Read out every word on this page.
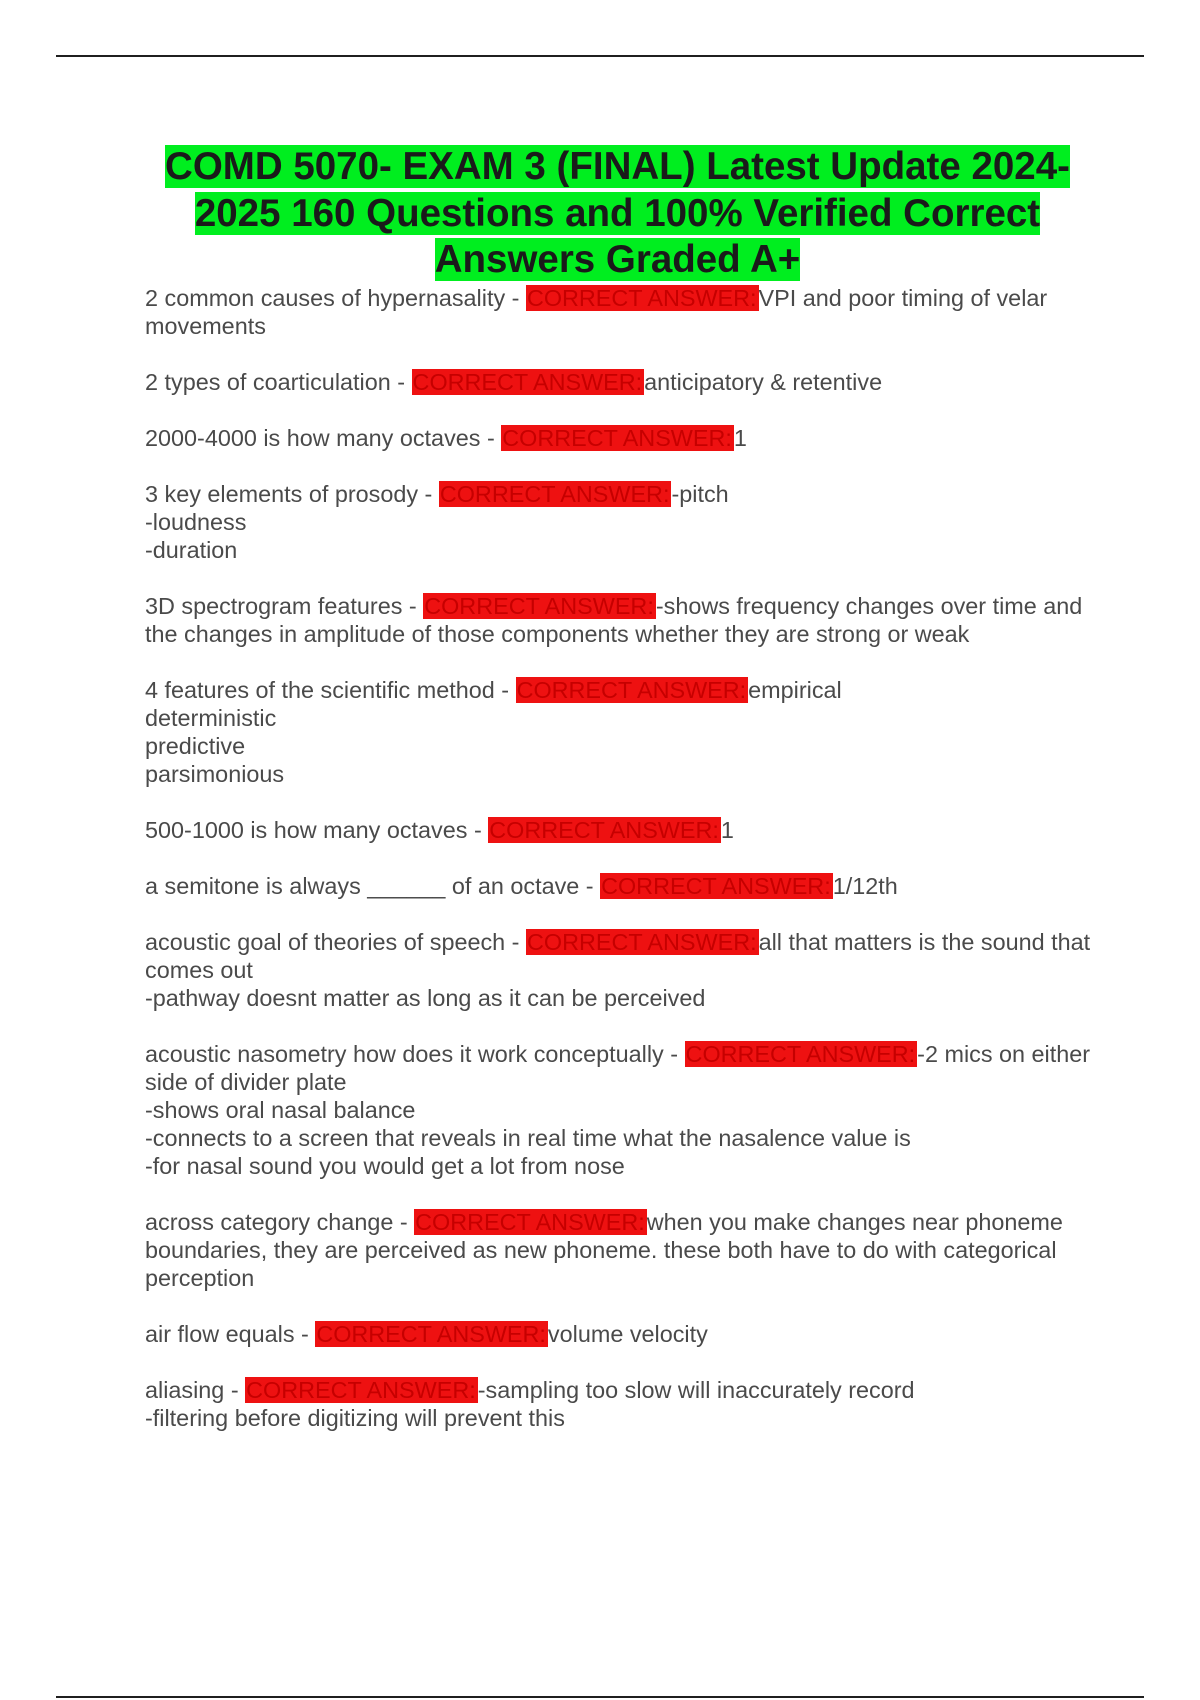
COMD 5070- EXAM 3 (FINAL) Latest Update 2024-2025 160 Questions and 100% Verified Correct Answers Graded A+
2 common causes of hypernasality - CORRECT ANSWER:VPI and poor timing of velar movements
2 types of coarticulation - CORRECT ANSWER:anticipatory & retentive
2000-4000 is how many octaves - CORRECT ANSWER:1
3 key elements of prosody - CORRECT ANSWER:-pitch
-loudness
-duration
3D spectrogram features - CORRECT ANSWER:-shows frequency changes over time and the changes in amplitude of those components whether they are strong or weak
4 features of the scientific method - CORRECT ANSWER:empirical
deterministic
predictive
parsimonious
500-1000 is how many octaves - CORRECT ANSWER:1
a semitone is always ______ of an octave - CORRECT ANSWER:1/12th
acoustic goal of theories of speech - CORRECT ANSWER:all that matters is the sound that comes out
-pathway doesnt matter as long as it can be perceived
acoustic nasometry how does it work conceptually - CORRECT ANSWER:-2 mics on either side of divider plate
-shows oral nasal balance
-connects to a screen that reveals in real time what the nasalence value is
-for nasal sound you would get a lot from nose
across category change - CORRECT ANSWER:when you make changes near phoneme boundaries, they are perceived as new phoneme. these both have to do with categorical perception
air flow equals - CORRECT ANSWER:volume velocity
aliasing - CORRECT ANSWER:-sampling too slow will inaccurately record
-filtering before digitizing will prevent this
